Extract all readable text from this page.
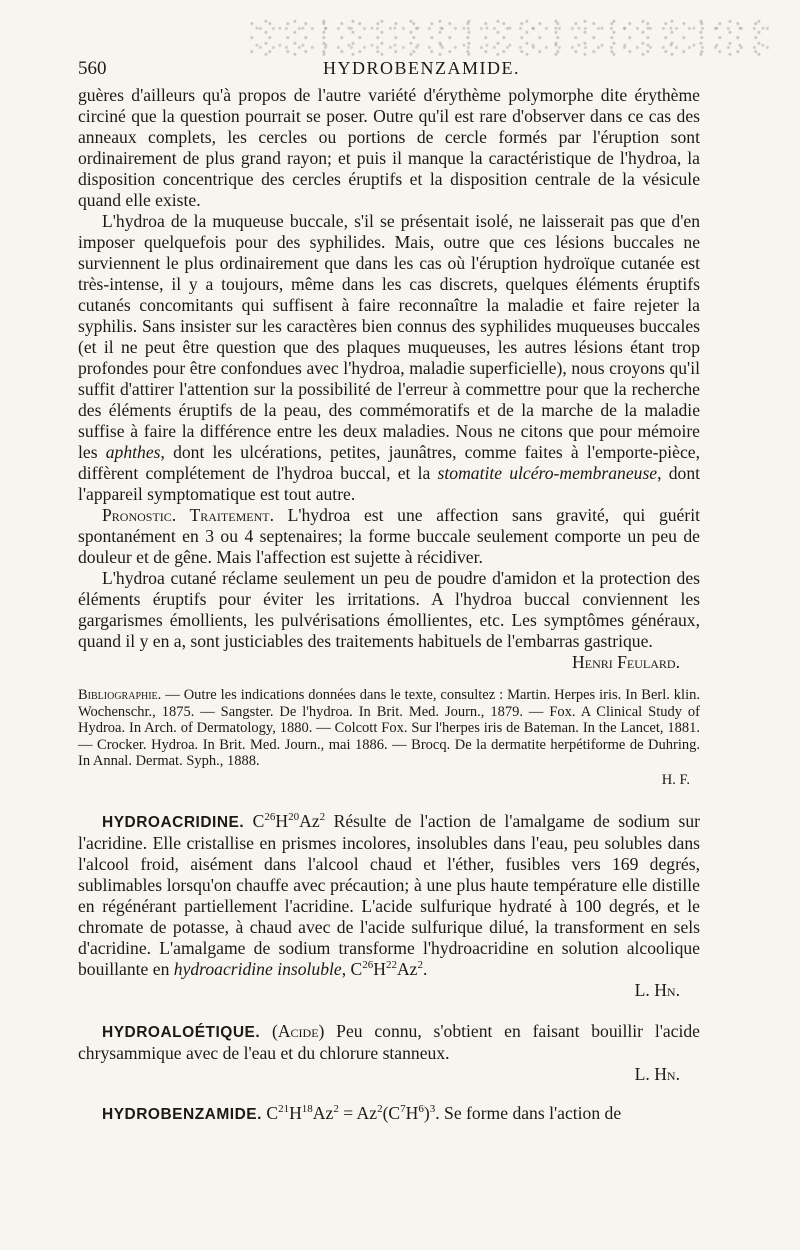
560	HYDROBENZAMIDE.

guères d'ailleurs qu'à propos de l'autre variété d'érythème polymorphe dite érythème circiné que la question pourrait se poser. Outre qu'il est rare d'observer dans ce cas des anneaux complets, les cercles ou portions de cercle formés par l'éruption sont ordinairement de plus grand rayon; et puis il manque la caractéristique de l'hydroa, la disposition concentrique des cercles éruptifs et la disposition centrale de la vésicule quand elle existe.

L'hydroa de la muqueuse buccale, s'il se présentait isolé, ne laisserait pas que d'en imposer quelquefois pour des syphilides. Mais, outre que ces lésions buccales ne surviennent le plus ordinairement que dans les cas où l'éruption hydroïque cutanée est très-intense, il y a toujours, même dans les cas discrets, quelques éléments éruptifs cutanés concomitants qui suffisent à faire reconnaître la maladie et faire rejeter la syphilis. Sans insister sur les caractères bien connus des syphilides muqueuses buccales (et il ne peut être question que des plaques muqueuses, les autres lésions étant trop profondes pour être confondues avec l'hydroa, maladie superficielle), nous croyons qu'il suffit d'attirer l'attention sur la possibilité de l'erreur à commettre pour que la recherche des éléments éruptifs de la peau, des commémoratifs et de la marche de la maladie suffise à faire la différence entre les deux maladies. Nous ne citons que pour mémoire les aphthes, dont les ulcérations, petites, jaunâtres, comme faites à l'emporte-pièce, diffèrent complétement de l'hydroa buccal, et la stomatite ulcéro-membraneuse, dont l'appareil symptomatique est tout autre.

Pronostic. Traitement. L'hydroa est une affection sans gravité, qui guérit spontanément en 3 ou 4 septenaires; la forme buccale seulement comporte un peu de douleur et de gêne. Mais l'affection est sujette à récidiver.

L'hydroa cutané réclame seulement un peu de poudre d'amidon et la protection des éléments éruptifs pour éviter les irritations. A l'hydroa buccal conviennent les gargarismes émollients, les pulvérisations émollientes, etc. Les symptômes généraux, quand il y en a, sont justiciables des traitements habituels de l'embarras gastrique.

Henri Feulard.

Bibliographie. — Outre les indications données dans le texte, consultez : Martin. Herpes iris. In Berl. klin. Wochenschr., 1875. — Sangster. De l'hydroa. In Brit. Med. Journ., 1879. — Fox. A Clinical Study of Hydroa. In Arch. of Dermatology, 1880. — Colcott Fox. Sur l'herpes iris de Bateman. In the Lancet, 1881. — Crocker. Hydroa. In Brit. Med. Journ., mai 1886. — Brocq. De la dermatite herpétiforme de Duhring. In Annal. Dermat. Syph., 1888.

H. F.

HYDROACRIDINE. $C^{26}H^{20}Az^2$ Résulte de l'action de l'amalgame de sodium sur l'acridine. Elle cristallise en prismes incolores, insolubles dans l'eau, peu solubles dans l'alcool froid, aisément dans l'alcool chaud et l'éther, fusibles vers 169 degrés, sublimables lorsqu'on chauffe avec précaution; à une plus haute température elle distille en régénérant partiellement l'acridine. L'acide sulfurique hydraté à 100 degrés, et le chromate de potasse, à chaud avec de l'acide sulfurique dilué, la transforment en sels d'acridine. L'amalgame de sodium transforme l'hydroacridine en solution alcoolique bouillante en hydroacridine insoluble, $C^{26}H^{22}Az^2$.

L. Hn.

HYDROALOÉTIQUE. (Acide) Peu connu, s'obtient en faisant bouillir l'acide chrysammique avec de l'eau et du chlorure stanneux.

L. Hn.

HYDROBENZAMIDE. $C^{21}H^{18}Az^2 = Az^2(C^7H^6)^3$. Se forme dans l'action de
